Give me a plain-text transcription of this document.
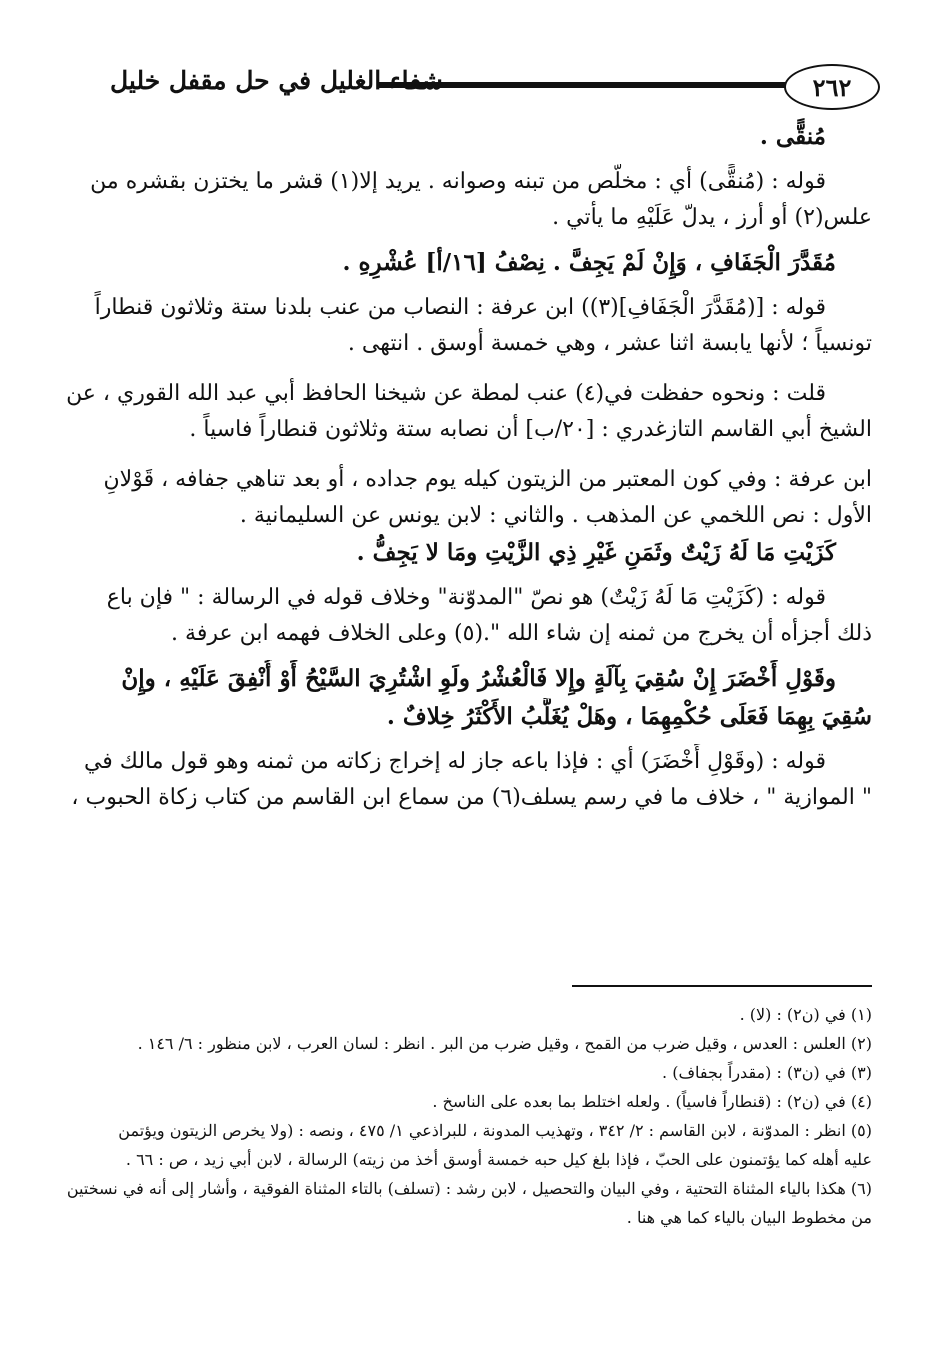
٢٦٢
شفاء الغليل في حل مقفل خليل
مُنقًّى .
قوله : (مُنقًّى) أي : مخلّص من تبنه وصوانه . يريد إلا(١) قشر ما يختزن بقشره من
علس(٢) أو أرز ، يدلّ عَلَيْهِ ما يأتي .
مُقَدَّرَ الْجَفَافِ ، وَإِنْ لَمْ يَجِفَّ . نِصْفُ [١٦/أ] عُشْرِهِ .
قوله : [(مُقَدَّرَ الْجَفَافِ](٣)) ابن عرفة : النصاب من عنب بلدنا ستة وثلاثون قنطاراً
تونسياً ؛ لأنها يابسة اثنا عشر ، وهي خمسة أوسق . انتهى .
قلت : ونحوه حفظت في(٤) عنب لمطة عن شيخنا الحافظ أبي عبد الله القوري ، عن
الشيخ أبي القاسم التازغدري : [٢٠/ب] أن نصابه ستة وثلاثون قنطاراً فاسياً .
ابن عرفة : وفي كون المعتبر من الزيتون كيله يوم جداده ، أو بعد تناهي جفافه ، قَوْلانِ
الأول : نص اللخمي عن المذهب . والثاني : لابن يونس عن السليمانية .
كَزَيْتِ مَا لَهُ زَيْتٌ وثَمَنِ غَيْرِ ذِي الزَّيْتِ ومَا لا يَجِفُّ .
قوله : (كَزَيْتِ مَا لَهُ زَيْتٌ) هو نصّ "المدوّنة" وخلاف قوله في الرسالة : " فإن باع
ذلك أجزأه أن يخرج من ثمنه إن شاء الله ".(٥) وعلى الخلاف فهمه ابن عرفة .
وقَوْلِ أَخْضَرَ إِنْ سُقِيَ بِآلَةٍ وإِلا فَالْعُشْرُ ولَوِ اشْتُرِيَ السَّيْحُ أَوْ أُنْفِقَ عَلَيْهِ ، وإِنْ
سُقِيَ بِهِمَا فَعَلَى حُكْمِهِمَا ، وهَلْ يُغَلَّبُ الأَكْثَرُ خِلافٌ .
قوله : (وقَوْلِ أَخْضَرَ) أي : فإذا باعه جاز له إخراج زكاته من ثمنه وهو قول مالك في
" الموازية " ، خلاف ما في رسم يسلف(٦) من سماع ابن القاسم من كتاب زكاة الحبوب ،
(١) في (ن٢) : (لا) .
(٢) العلس : العدس ، وقيل ضرب من القمح ، وقيل ضرب من البر . انظر : لسان العرب ، لابن منظور : ٦/ ١٤٦ .
(٣) في (ن٣) : (مقدراً بجفاف) .
(٤) في (ن٢) : (قنطاراً فاسياً) . ولعله اختلط بما بعده على الناسخ .
(٥) انظر : المدوّنة ، لابن القاسم : ٢/ ٣٤٢ ، وتهذيب المدونة ، للبراذعي ١/ ٤٧٥ ، ونصه : (ولا يخرص الزيتون ويؤتمن
عليه أهله كما يؤتمنون على الحبّ ، فإذا بلغ كيل حبه خمسة أوسق أخذ من زيته) الرسالة ، لابن أبي زيد ، ص : ٦٦ .
(٦) هكذا بالياء المثناة التحتية ، وفي البيان والتحصيل ، لابن رشد : (تسلف) بالتاء المثناة الفوقية ، وأشار إلى أنه في نسختين
من مخطوط البيان بالياء كما هي هنا .
